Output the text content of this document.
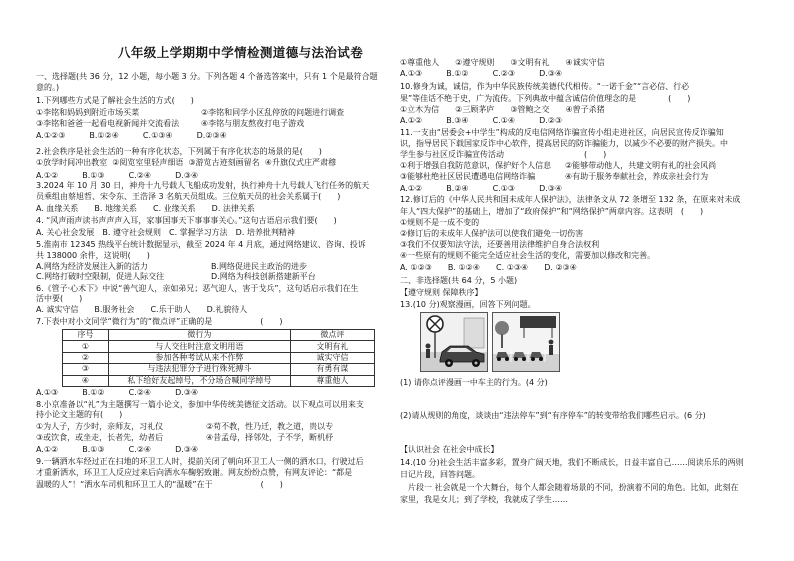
八年级上学期期中学情检测道德与法治试卷
一、选择题(共 36 分，12 小题，每小题 3 分。下列各题 4 个备选答案中，只有 1 个是最符合题
意的。)
1.下列哪些方式是了解社会生活的方式(　　)
①李铭和妈妈到附近市场买菜	②李铭和同学小区乱停放的问题进行调查
③李铭和爸爸一起看电视新闻并交流看法	④李铭与朋友熬夜打电子游戏
A.①②③　　　B.①②④　　　C.①③④　　　D.②③④
2.社会秩序是社会生活的一种有序化状态，下列属于有序化状态的场景的是(　　)
①放学时间冲出教室  ②阅览室里轻声细语  ③游览古迹刻画留名  ④升旗仪式庄严肃穆
A.①②　　　B.①③　　　C.②④　　　D.③④
3.2024 年 10 月 30 日，神舟十九号载人飞船成功发射，执行神舟十九号载人飞行任务的航天
员乘组由蔡旭哲、宋令东、王浩泽 3 名航天员组成。三位航天员的社会关系属于(　　)
A. 血缘关系　　B. 地缘关系　　C. 业缘关系　　D. 法律关系
4. “风声雨声读书声声声入耳，家事国事天下事事事关心。”这句古语启示我们要(　　)
A. 关心社会发展　B. 遵守社会规则　C. 掌握学习方法　D. 培养批判精神
5.淮南市 12345 热线平台统计数据显示，截至 2024 年 4 月底，通过网络建议、咨询、投诉
共 138000 余件，这说明(　　)
A.网络为经济发展注入新的活力	B.网络促进民主政治的进步
C.网络打破时空限制，促进人际交往	D.网络为科技创新搭建新平台
6.《管子·心术下》中说“善气迎人，亲如弟兄；恶气迎人，害于戈兵”，这句话启示我们在生
活中要(　　)
A. 诚实守信　　B.服务社会　　C.乐于助人　　D.礼貌待人
7.下表中对小文同学“微行为”的“微点评”正确的是　　　　　　(　　)
序号	微行为	微点评
①	与人交往时注意文明用语	文明有礼
②	参加各种考试从来不作弊	诚实守信
③	与违法犯罪分子进行殊死搏斗	有勇有谋
④	私下给好友起绰号，不分场合喊同学绰号	尊重他人
A.①③　　　B.①②　　　C.②④　　　D.③④
8.小京准备以“礼”为主题撰写一篇小论文，参加中华传统美德征文活动。以下观点可以用来支
持小论文主题的有(　　)
①为人子，方少时，亲师友，习礼仪	②苟不教，性乃迁，教之道，贵以专
③或饮食，或坐走，长者先，幼者后	④昔孟母，择邻处，子不学，断机杼
A.①②　　　B.①③　　　C.②④　　　D.③④
9.一辆洒水车经过正在扫地的环卫工人时，提前关闭了朝向环卫工人一侧的洒水口，行驶过后
才重新洒水，环卫工人反应过来后向洒水车鞠躬致谢。网友纷纷点赞，有网友评论：“都是
温暖的人”！“洒水车司机和环卫工人的“温暖”在于　　　　　　(　　)
①尊重他人　　②遵守规则　　③文明有礼　　④诚实守信
A.①③　　　B.①②　　　C.②③　　　D.③④
10.修身为诚，诚信，作为中华民族传统美德代代相传。“一诺千金”“言必信、行必
果”等佳话不绝于史，广为流传。下列典故中蕴含诚信价值理念的是　　　　(　　)
①立木为信　　②三顾茅庐　　③管鲍之交　　④曾子杀猪
A.①②　　　B.③④　　　C.①④　　　D.②③
11.一支由“居委会+中学生”构成的反电信网络诈骗宣传小组走进社区，向居民宣传反诈骗知
识，指导居民下载国家反诈中心软件，提高居民的防诈骗能力，以减少不必要的财产损失。中
学生参与社区反诈骗宣传活动　　　　　　　　　　(　　)
①利于增强自我防范意识，保护好个人信息 ②能够带动他人，共建文明有礼的社会风尚
③能够杜绝社区居民遭遇电信网络诈骗	④有助于服务奉献社会，养成亲社会行为
A.①②　　　B.②④　　　C.①③　　　D.③④
12.修订后的《中华人民共和国未成年人保护法》，法律条文从 72 条增至 132 条，在原来对未成
年人“四大保护”的基础上，增加了“政府保护”和“网络保护”两章内容。这表明　(　　)
①规则不是一成不变的
②修订后的未成年人保护法可以使我们避免一切伤害
③我们不仅要知法守法，还要善用法律维护自身合法权利
④一些原有的规则不能完全适应社会生活的变化，需要加以修改和完善。
A. ①②③　　B. ①②④　　C. ①③④　　D. ②③④
二、非选择题(共 64 分，5 小题)
【遵守规则 保障秩序】
13.(10 分)观察漫画，回答下列问题。
(1) 请你点评漫画一中车主的行为。(4 分)
(2)请从规则的角度，谈谈由“违法停车”到“有序停车”的转变带给我们哪些启示。(6 分)
【认识社会 在社会中成长】
14.(10 分)社会生活丰富多彩，置身广阔天地，我们不断成长，日益丰富自己……阅读乐乐的两则
日记片段，回答问题。
　片段一 社会就是一个大舞台，每个人都会随着场景的不同，扮演着不同的角色。比如，此刻在
家里，我是女儿；到了学校，我就成了学生……
